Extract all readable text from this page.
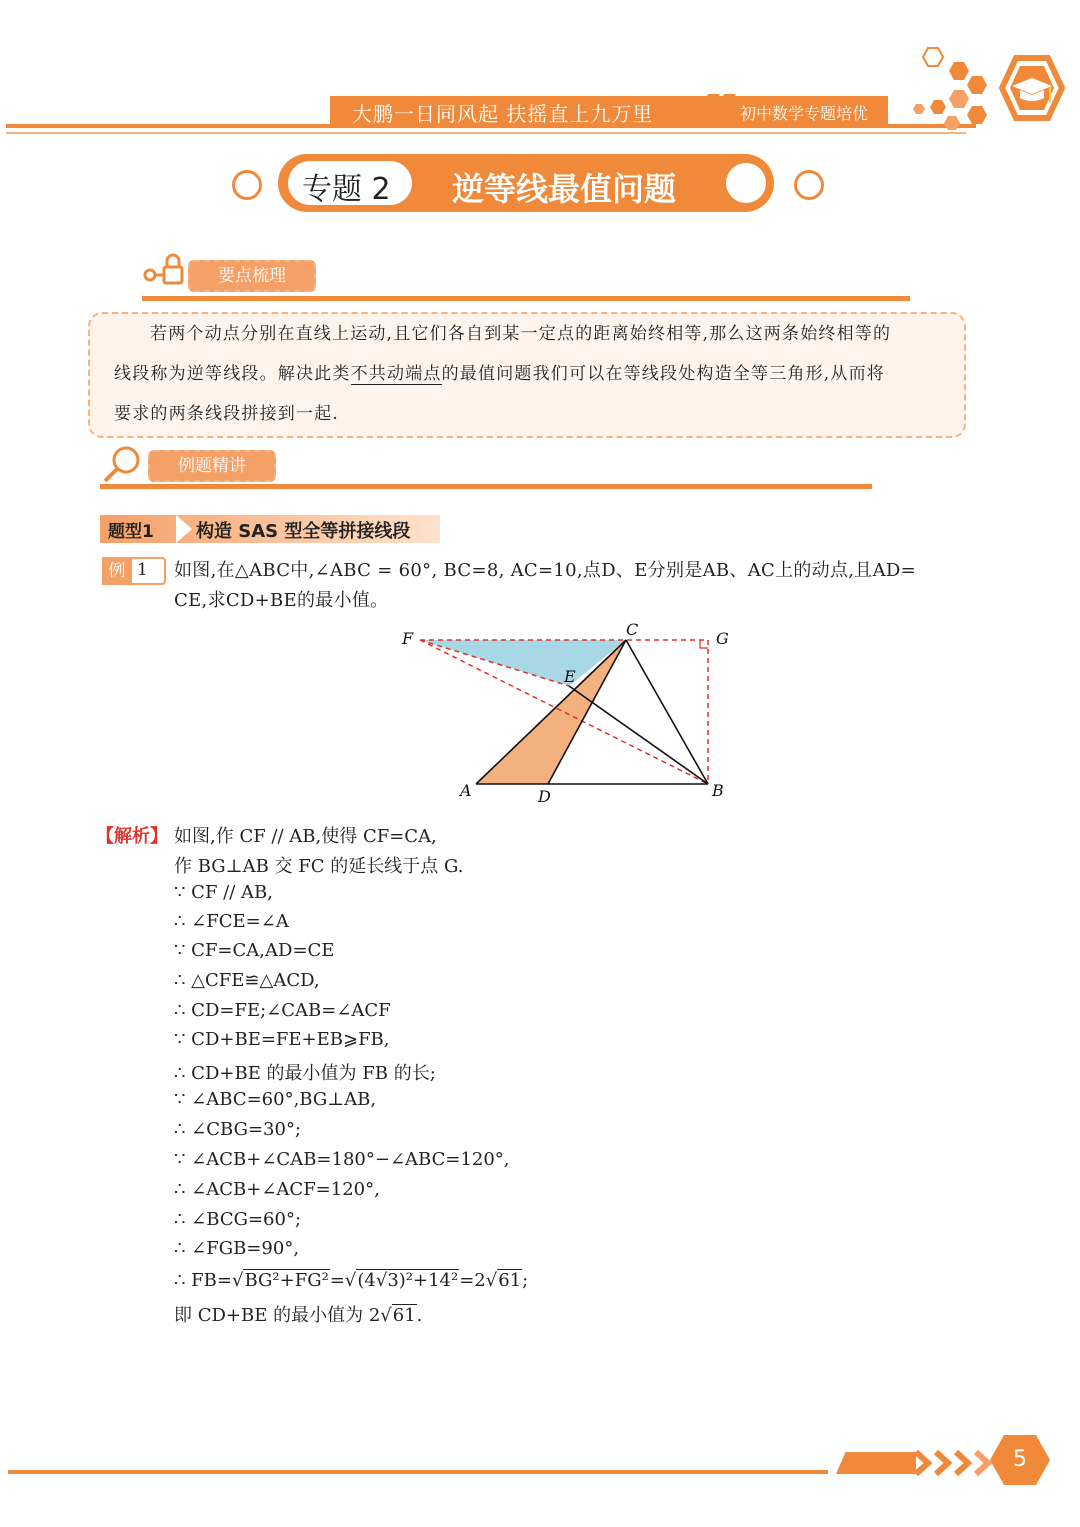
大鹏一日同风起 扶摇直上九万里	初中数学专题培优
专题 2 逆等线最值问题
要点梳理

若两个动点分别在直线上运动,且它们各自到某一定点的距离始终相等,那么这两条始终相等的

线段称为逆等线段。解决此类不共动端点的最值问题我们可以在等线段处构造全等三角形,从而将

要求的两条线段拼接到一起.

例题精讲
题型1 构造 SAS 型全等拼接线段
例 1 如图,在△ABC中,∠ABC = 60°, BC=8, AC=10,点D、E分别是AB、AC上的动点,且AD=
CE,求CD+BE的最小值。
F	C	G
E
A	D	B
【解析】 如图,作 CF // AB,使得 CF=CA,
作 BG⊥AB 交 FC 的延长线于点 G.
∵ CF // AB,
∴ ∠FCE=∠A
∵ CF=CA,AD=CE
∴ △CFE≌△ACD,
∴ CD=FE;∠CAB=∠ACF
∵ CD+BE=FE+EB⩾FB,
∴ CD+BE 的最小值为 FB 的长;
∵ ∠ABC=60°,BG⊥AB,
∴ ∠CBG=30°;
∵ ∠ACB+∠CAB=180°−∠ABC=120°,
∴ ∠ACB+∠ACF=120°,
∴ ∠BCG=60°;
∴ ∠FGB=90°,
∴ FB=√BG²+FG²=√(4√3)²+14²=2√61;
即 CD+BE 的最小值为 2√61.
5
